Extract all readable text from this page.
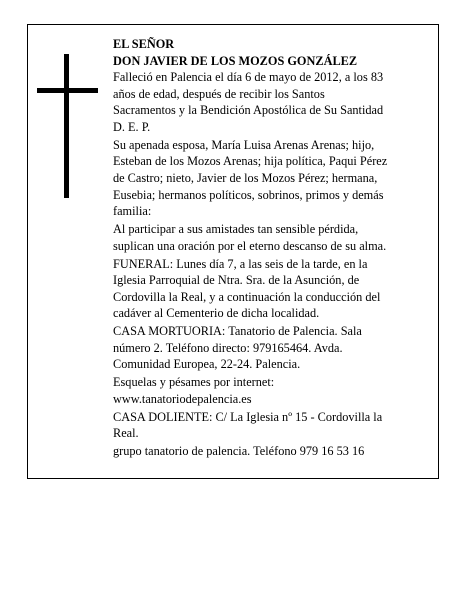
EL SEÑOR
DON JAVIER DE LOS MOZOS GONZÁLEZ
Falleció en Palencia el día 6 de mayo de 2012, a los 83
años de edad, después de recibir los Santos
Sacramentos y la Bendición Apostólica de Su Santidad
D. E. P.
Su apenada esposa, María Luisa Arenas Arenas; hijo,
Esteban de los Mozos Arenas; hija política, Paqui Pérez
de Castro; nieto, Javier de los Mozos Pérez; hermana,
Eusebia; hermanos políticos, sobrinos, primos y demás
familia:
Al participar a sus amistades tan sensible pérdida,
suplican una oración por el eterno descanso de su alma.
FUNERAL: Lunes día 7, a las seis de la tarde, en la
Iglesia Parroquial de Ntra. Sra. de la Asunción, de
Cordovilla la Real, y a continuación la conducción del
cadáver al Cementerio de dicha localidad.
CASA MORTUORIA: Tanatorio de Palencia. Sala
número 2. Teléfono directo: 979165464. Avda.
Comunidad Europea, 22-24. Palencia.
Esquelas y pésames por internet:
www.tanatoriodepalencia.es
CASA DOLIENTE: C/ La Iglesia nº 15 - Cordovilla la
Real.
grupo tanatorio de palencia. Teléfono 979 16 53 16
